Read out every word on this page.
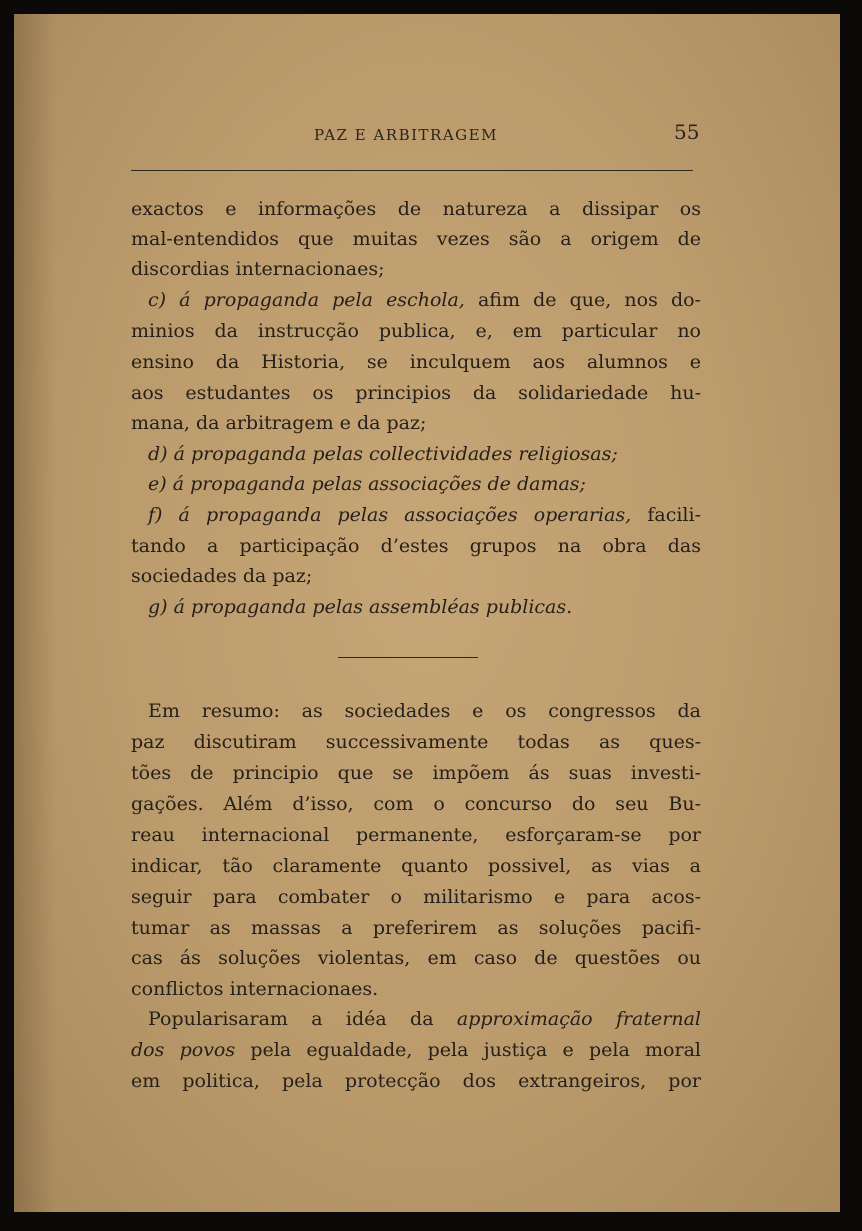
PAZ E ARBITRAGEM	55
exactos e informações de natureza a dissipar os
mal-entendidos que muitas vezes são a origem de
discordias internacionaes;
c) á propaganda pela eschola, afim de que, nos do-
minios da instrucção publica, e, em particular no
ensino da Historia, se inculquem aos alumnos e
aos estudantes os principios da solidariedade hu-
mana, da arbitragem e da paz;
d) á propaganda pelas collectividades religiosas;
e) á propaganda pelas associações de damas;
f) á propaganda pelas associações operarias, facili-
tando a participação d’estes grupos na obra das
sociedades da paz;
g) á propaganda pelas assembléas publicas.
Em resumo: as sociedades e os congressos da
paz discutiram successivamente todas as ques-
tões de principio que se impõem ás suas investi-
gações. Além d’isso, com o concurso do seu Bu-
reau internacional permanente, esforçaram-se por
indicar, tão claramente quanto possivel, as vias a
seguir para combater o militarismo e para acos-
tumar as massas a preferirem as soluções pacifi-
cas ás soluções violentas, em caso de questões ou
conflictos internacionaes.
Popularisaram a idéa da approximação fraternal
dos povos pela egualdade, pela justiça e pela moral
em politica, pela protecção dos extrangeiros, por
